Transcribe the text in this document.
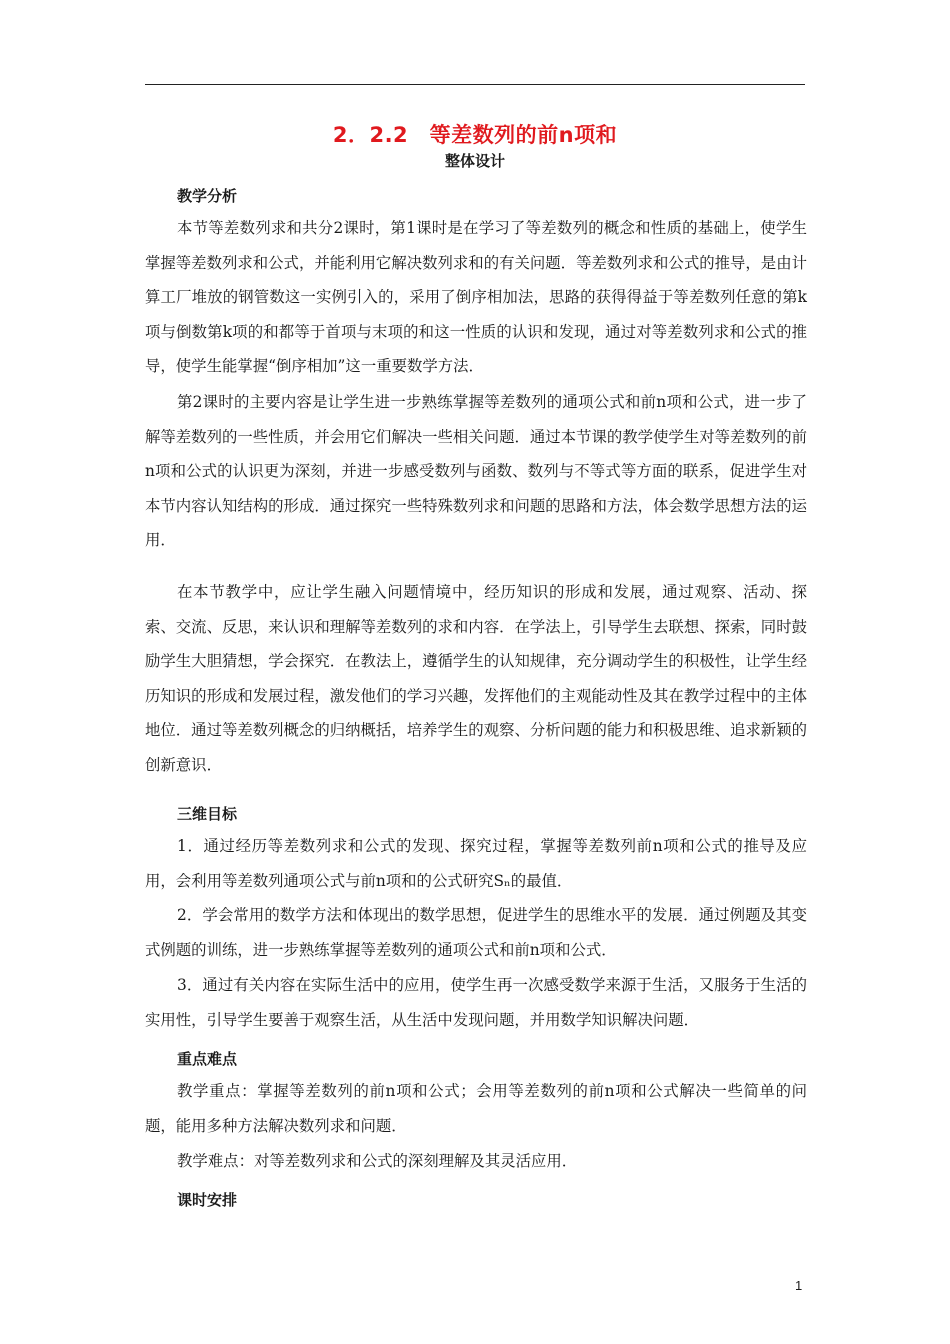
2．2.2　等差数列的前n项和
整体设计
教学分析

本节等差数列求和共分2课时，第1课时是在学习了等差数列的概念和性质的基础上，使学生掌握等差数列求和公式，并能利用它解决数列求和的有关问题．等差数列求和公式的推导，是由计算工厂堆放的钢管数这一实例引入的，采用了倒序相加法，思路的获得得益于等差数列任意的第k项与倒数第k项的和都等于首项与末项的和这一性质的认识和发现，通过对等差数列求和公式的推导，使学生能掌握“倒序相加”这一重要数学方法．

第2课时的主要内容是让学生进一步熟练掌握等差数列的通项公式和前n项和公式，进一步了解等差数列的一些性质，并会用它们解决一些相关问题．通过本节课的教学使学生对等差数列的前n项和公式的认识更为深刻，并进一步感受数列与函数、数列与不等式等方面的联系，促进学生对本节内容认知结构的形成．通过探究一些特殊数列求和问题的思路和方法，体会数学思想方法的运用．

在本节教学中，应让学生融入问题情境中，经历知识的形成和发展，通过观察、活动、探索、交流、反思，来认识和理解等差数列的求和内容．在学法上，引导学生去联想、探索，同时鼓励学生大胆猜想，学会探究．在教法上，遵循学生的认知规律，充分调动学生的积极性，让学生经历知识的形成和发展过程，激发他们的学习兴趣，发挥他们的主观能动性及其在教学过程中的主体地位．通过等差数列概念的归纳概括，培养学生的观察、分析问题的能力和积极思维、追求新颖的创新意识．

三维目标

1．通过经历等差数列求和公式的发现、探究过程，掌握等差数列前n项和公式的推导及应用，会利用等差数列通项公式与前n项和的公式研究Sₙ的最值．

2．学会常用的数学方法和体现出的数学思想，促进学生的思维水平的发展．通过例题及其变式例题的训练，进一步熟练掌握等差数列的通项公式和前n项和公式．

3．通过有关内容在实际生活中的应用，使学生再一次感受数学来源于生活，又服务于生活的实用性，引导学生要善于观察生活，从生活中发现问题，并用数学知识解决问题．

重点难点

教学重点：掌握等差数列的前n项和公式；会用等差数列的前n项和公式解决一些简单的问题，能用多种方法解决数列求和问题．

教学难点：对等差数列求和公式的深刻理解及其灵活应用．

课时安排
1
